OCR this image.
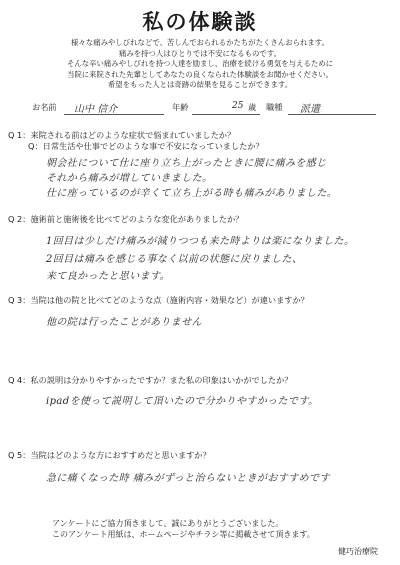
私の体験談
様々な痛みやしびれなどで、苦しんでおられるかたちがたくさんおられます。
痛みを持つ人はひとりでは不安になるものです。
そんな辛い痛みやしびれを持つ人達を励まし、治療を続ける勇気を与えるために
当院に来院された先輩としてあなたの良くなられた体験談をお聞かせください。
希望をもった人とは奇跡の結果を見ることができます。
お名前 山中 信介	年齢	25 歳 職種 派遣
Q 1：来院される前はどのような症状で悩まれていましたか？
Q：日常生活や仕事でどのような事で不安になっていましたか？
朝会社について仕に座り立ち上がったときに腰に痛みを感じ
それから痛みが増していきました。
仕に座っているのが辛くて立ち上がる時も痛みがありました。
Q 2：施術前と施術後を比べてどのような変化がありましたか？
1回目は少しだけ痛みが減りつつも来た時よりは楽になりました。
2回目は痛みを感じる事なく以前の状態に戻りました、
来て良かったと思います。
Q 3：当院は他の院と比べてどのような点（施術内容・効果など）が違いますか？
他の院は行ったことがありません
Q 4：私の説明は分かりやすかったですか？また私の印象はいかがでしたか？
ipadを使って説明して頂いたので分かりやすかったです。
Q 5：当院はどのような方におすすめだと思いますか？
急に痛くなった時 痛みがずっと治らないときがおすすめです
アンケートにご協力頂きまして、誠にありがとうございました。
このアンケート用紙は、ホームページやチラシ等に掲載させて頂きます。
健巧治療院
